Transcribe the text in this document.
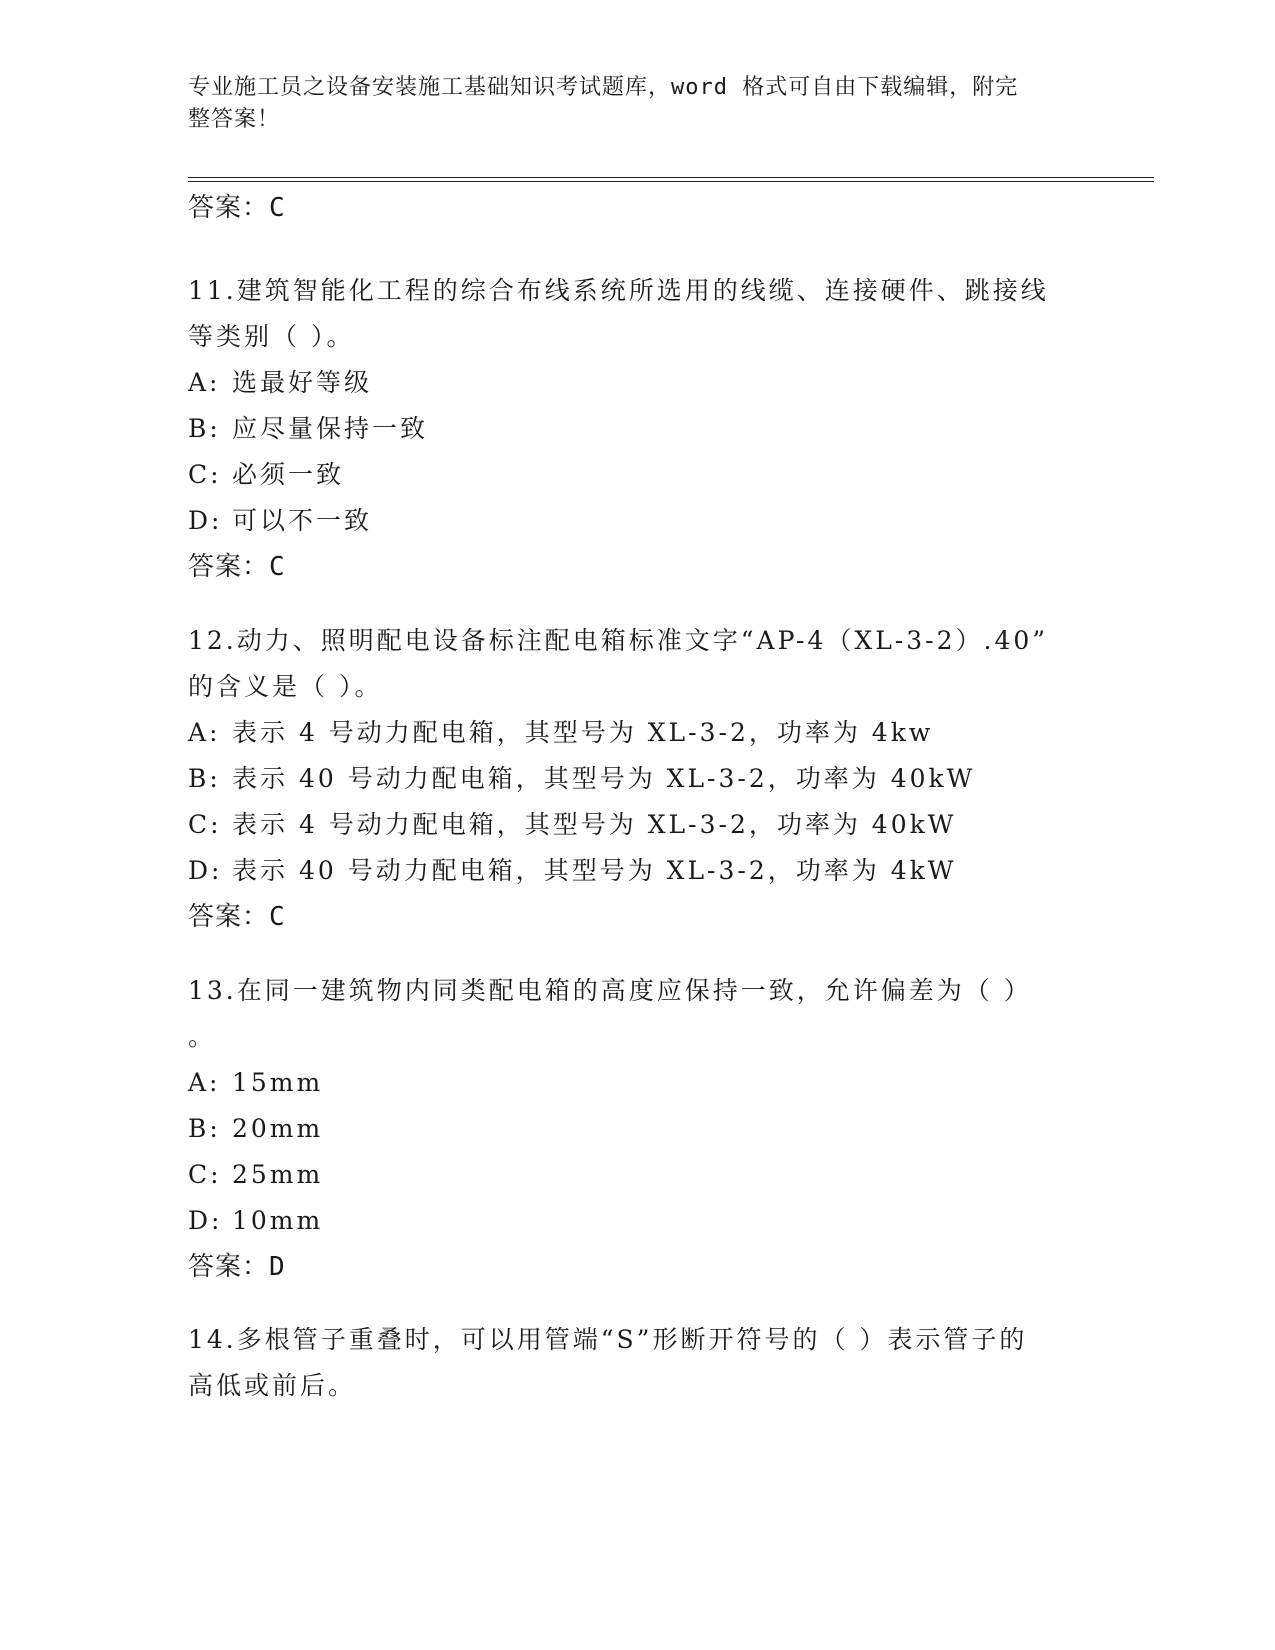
专业施工员之设备安装施工基础知识考试题库，word 格式可自由下载编辑，附完
整答案！
答案：C
11.建筑智能化工程的综合布线系统所选用的线缆、连接硬件、跳接线
等类别（ ）。
A: 选最好等级
B: 应尽量保持一致
C: 必须一致
D: 可以不一致
答案：C
12.动力、照明配电设备标注配电箱标准文字“AP-4（XL-3-2）.40”
的含义是（ ）。
A: 表示 4 号动力配电箱，其型号为 XL-3-2，功率为 4kw
B: 表示 40 号动力配电箱，其型号为 XL-3-2，功率为 40kW
C: 表示 4 号动力配电箱，其型号为 XL-3-2，功率为 40kW
D: 表示 40 号动力配电箱，其型号为 XL-3-2，功率为 4kW
答案：C
13.在同一建筑物内同类配电箱的高度应保持一致，允许偏差为（ ）
。
A: 15mm
B: 20mm
C: 25mm
D: 10mm
答案：D
14.多根管子重叠时，可以用管端“S”形断开符号的（ ）表示管子的
高低或前后。
